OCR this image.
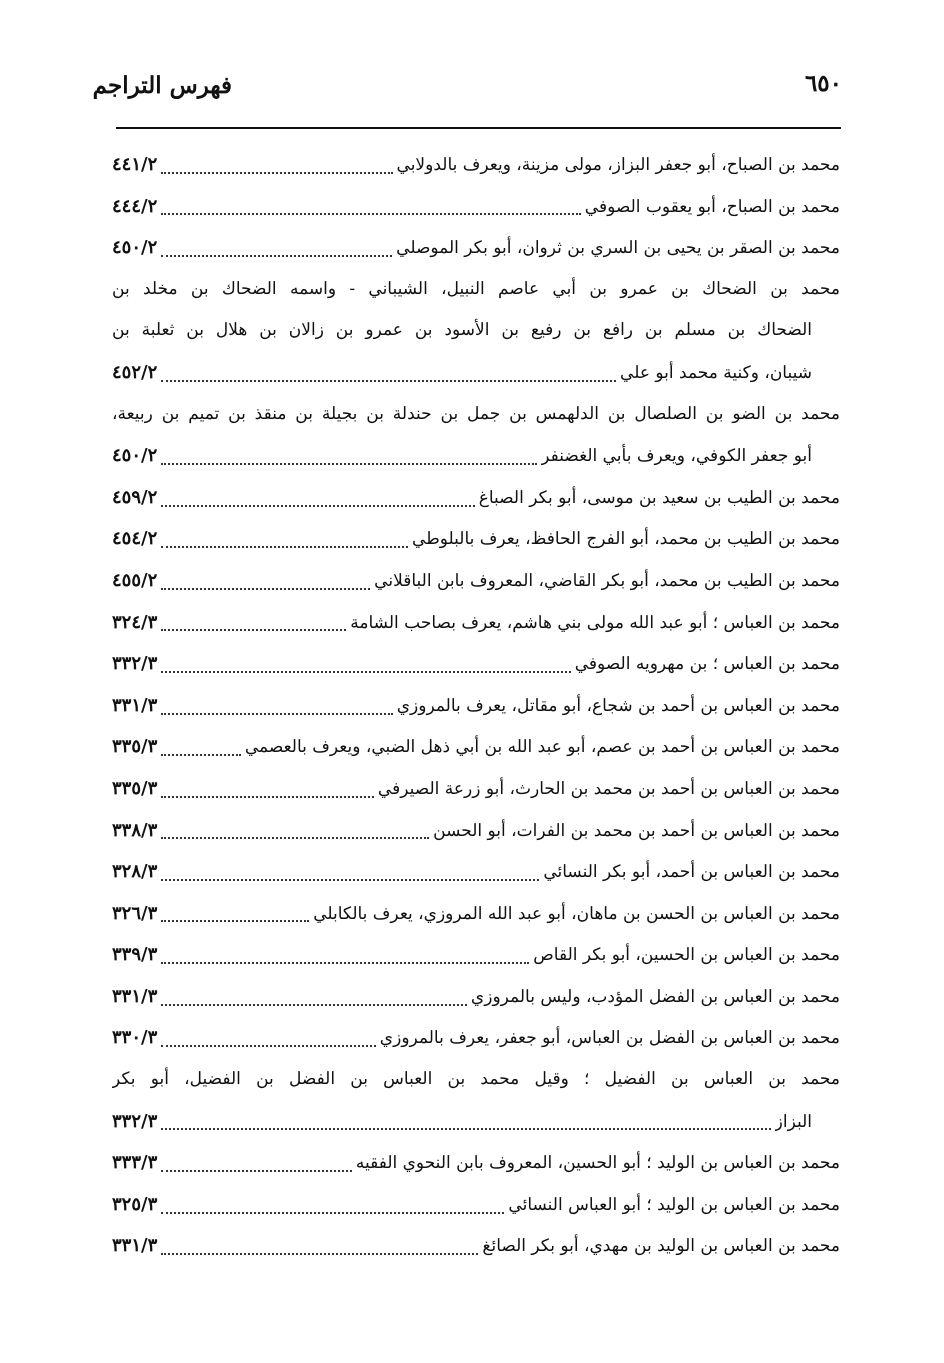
فهرس التراجم	٦٥٠
محمد بن الصباح، أبو جعفر البزاز، مولى مزينة، ويعرف بالدولابي
٤٤١/٢
محمد بن الصباح، أبو يعقوب الصوفي
٤٤٤/٢
محمد بن الصقر بن يحيى بن السري بن ثروان، أبو بكر الموصلي
٤٥٠/٢
محمد بن الضحاك بن عمرو بن أبي عاصم النبيل، الشيباني - واسمه الضحاك بن مخلد بن
الضحاك بن مسلم بن رافع بن رفيع بن الأسود بن عمرو بن زالان بن هلال بن ثعلبة بن
شيبان، وكنية محمد أبو علي
٤٥٢/٢
محمد بن الضو بن الصلصال بن الدلهمس بن جمل بن حندلة بن بجيلة بن منقذ بن تميم بن ربيعة،
أبو جعفر الكوفي، ويعرف بأبي الغضنفر
٤٥٠/٢
محمد بن الطيب بن سعيد بن موسى، أبو بكر الصباغ
٤٥٩/٢
محمد بن الطيب بن محمد، أبو الفرج الحافظ، يعرف بالبلوطي
٤٥٤/٢
محمد بن الطيب بن محمد، أبو بكر القاضي، المعروف بابن الباقلاني
٤٥٥/٢
محمد بن العباس ؛ أبو عبد الله مولى بني هاشم، يعرف بصاحب الشامة
٣٢٤/٣
محمد بن العباس ؛ بن مهرويه الصوفي
٣٣٢/٣
محمد بن العباس بن أحمد بن شجاع، أبو مقاتل، يعرف بالمروزي
٣٣١/٣
محمد بن العباس بن أحمد بن عصم، أبو عبد الله بن أبي ذهل الضبي، ويعرف بالعصمي
٣٣٥/٣
محمد بن العباس بن أحمد بن محمد بن الحارث، أبو زرعة الصيرفي
٣٣٥/٣
محمد بن العباس بن أحمد بن محمد بن الفرات، أبو الحسن
٣٣٨/٣
محمد بن العباس بن أحمد، أبو بكر النسائي
٣٢٨/٣
محمد بن العباس بن الحسن بن ماهان، أبو عبد الله المروزي، يعرف بالكابلي
٣٢٦/٣
محمد بن العباس بن الحسين، أبو بكر القاص
٣٣٩/٣
محمد بن العباس بن الفضل المؤدب، وليس بالمروزي
٣٣١/٣
محمد بن العباس بن الفضل بن العباس، أبو جعفر، يعرف بالمروزي
٣٣٠/٣
محمد بن العباس بن الفضيل ؛ وقيل محمد بن العباس بن الفضل بن الفضيل، أبو بكر
البزاز
٣٣٢/٣
محمد بن العباس بن الوليد ؛ أبو الحسين، المعروف بابن النحوي الفقيه
٣٣٣/٣
محمد بن العباس بن الوليد ؛ أبو العباس النسائي
٣٢٥/٣
محمد بن العباس بن الوليد بن مهدي، أبو بكر الصائغ
٣٣١/٣
